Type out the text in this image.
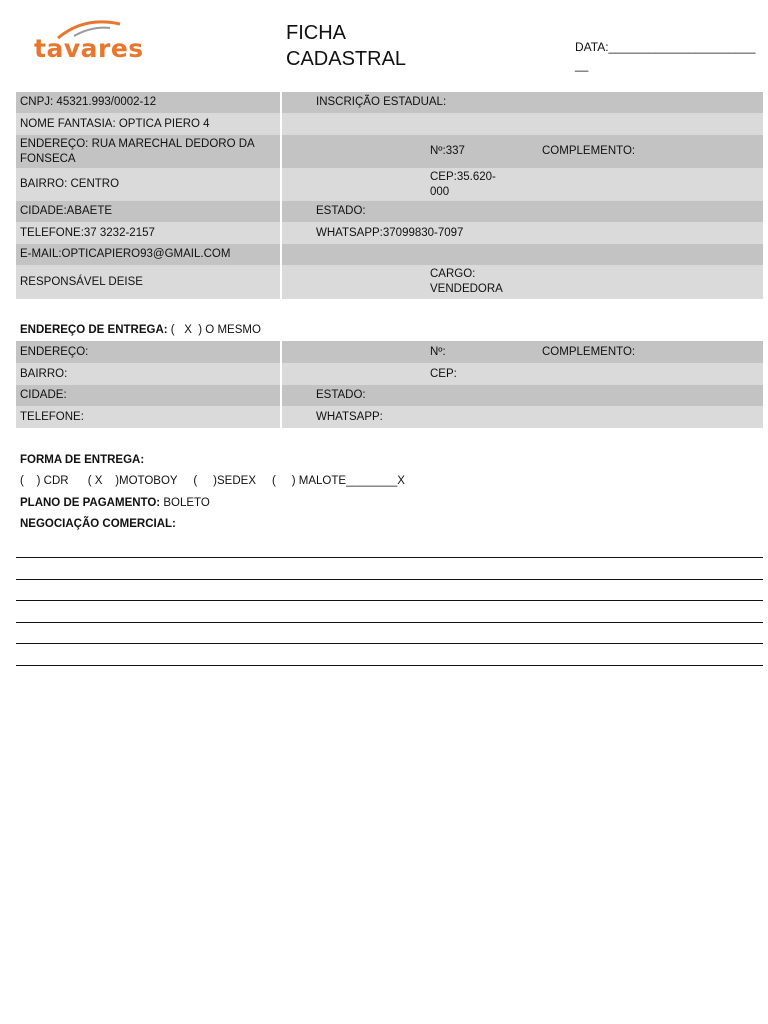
tavares
FICHA
CADASTRAL
DATA:________________________
CNPJ: 45321.993/0002-12	INSCRIÇÃO ESTADUAL:		
NOME FANTASIA: OPTICA PIERO 4			
ENDEREÇO: RUA MARECHAL DEDORO DA FONSECA		Nº:337	COMPLEMENTO:
BAIRRO: CENTRO		CEP:35.620-000	
CIDADE:ABAETE	ESTADO:		
TELEFONE:37 3232-2157	WHATSAPP:37099830-7097		
E-MAIL:OPTICAPIERO93@GMAIL.COM			
RESPONSÁVEL DEISE		CARGO: VENDEDORA	
ENDEREÇO DE ENTREGA: (   X  ) O MESMO
ENDEREÇO:		Nº:	COMPLEMENTO:
BAIRRO:		CEP:	
CIDADE:	ESTADO:		
TELEFONE:	WHATSAPP:		
FORMA DE ENTREGA:
(    ) CDR      ( X    )MOTOBOY     (     )SEDEX     (     ) MALOTE________X
PLANO DE PAGAMENTO: BOLETO
NEGOCIAÇÃO COMERCIAL:
